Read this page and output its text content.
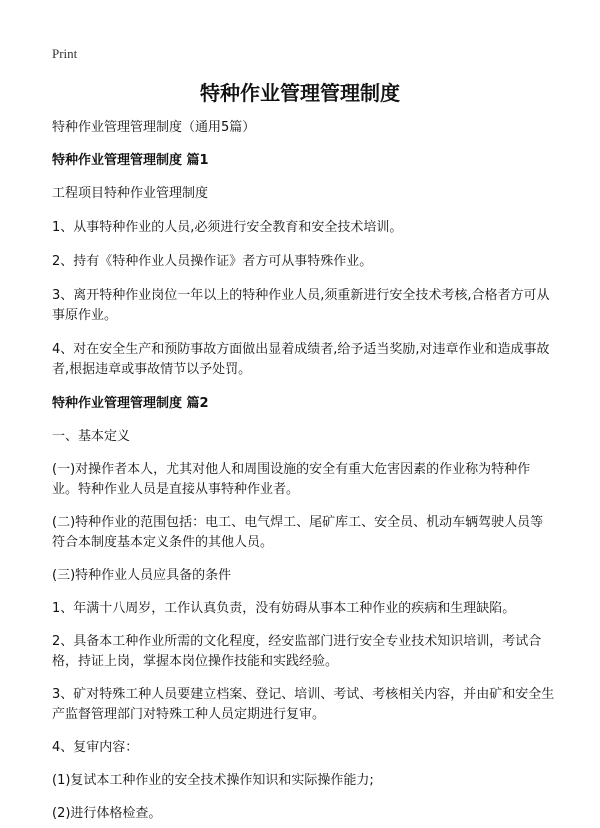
Print
特种作业管理管理制度

特种作业管理管理制度（通用5篇）

特种作业管理管理制度 篇1

工程项目特种作业管理制度

1、从事特种作业的人员,必须进行安全教育和安全技术培训。

2、持有《特种作业人员操作证》者方可从事特殊作业。

3、离开特种作业岗位一年以上的特种作业人员,须重新进行安全技术考核,合格者方可从事原作业。

4、对在安全生产和预防事故方面做出显着成绩者,给予适当奖励,对违章作业和造成事故者,根据违章或事故情节以予处罚。

特种作业管理管理制度 篇2

一、基本定义

(一)对操作者本人，尤其对他人和周围设施的安全有重大危害因素的作业称为特种作业。特种作业人员是直接从事特种作业者。

(二)特种作业的范围包括：电工、电气焊工、尾矿库工、安全员、机动车辆驾驶人员等符合本制度基本定义条件的其他人员。

(三)特种作业人员应具备的条件

1、年满十八周岁，工作认真负责，没有妨碍从事本工种作业的疾病和生理缺陷。

2、具备本工种作业所需的文化程度，经安监部门进行安全专业技术知识培训，考试合格，持证上岗，掌握本岗位操作技能和实践经验。

3、矿对特殊工种人员要建立档案、登记、培训、考试、考核相关内容，并由矿和安全生产监督管理部门对特殊工种人员定期进行复审。

4、复审内容：

(1)复试本工种作业的安全技术操作知识和实际操作能力;

(2)进行体格检查。
